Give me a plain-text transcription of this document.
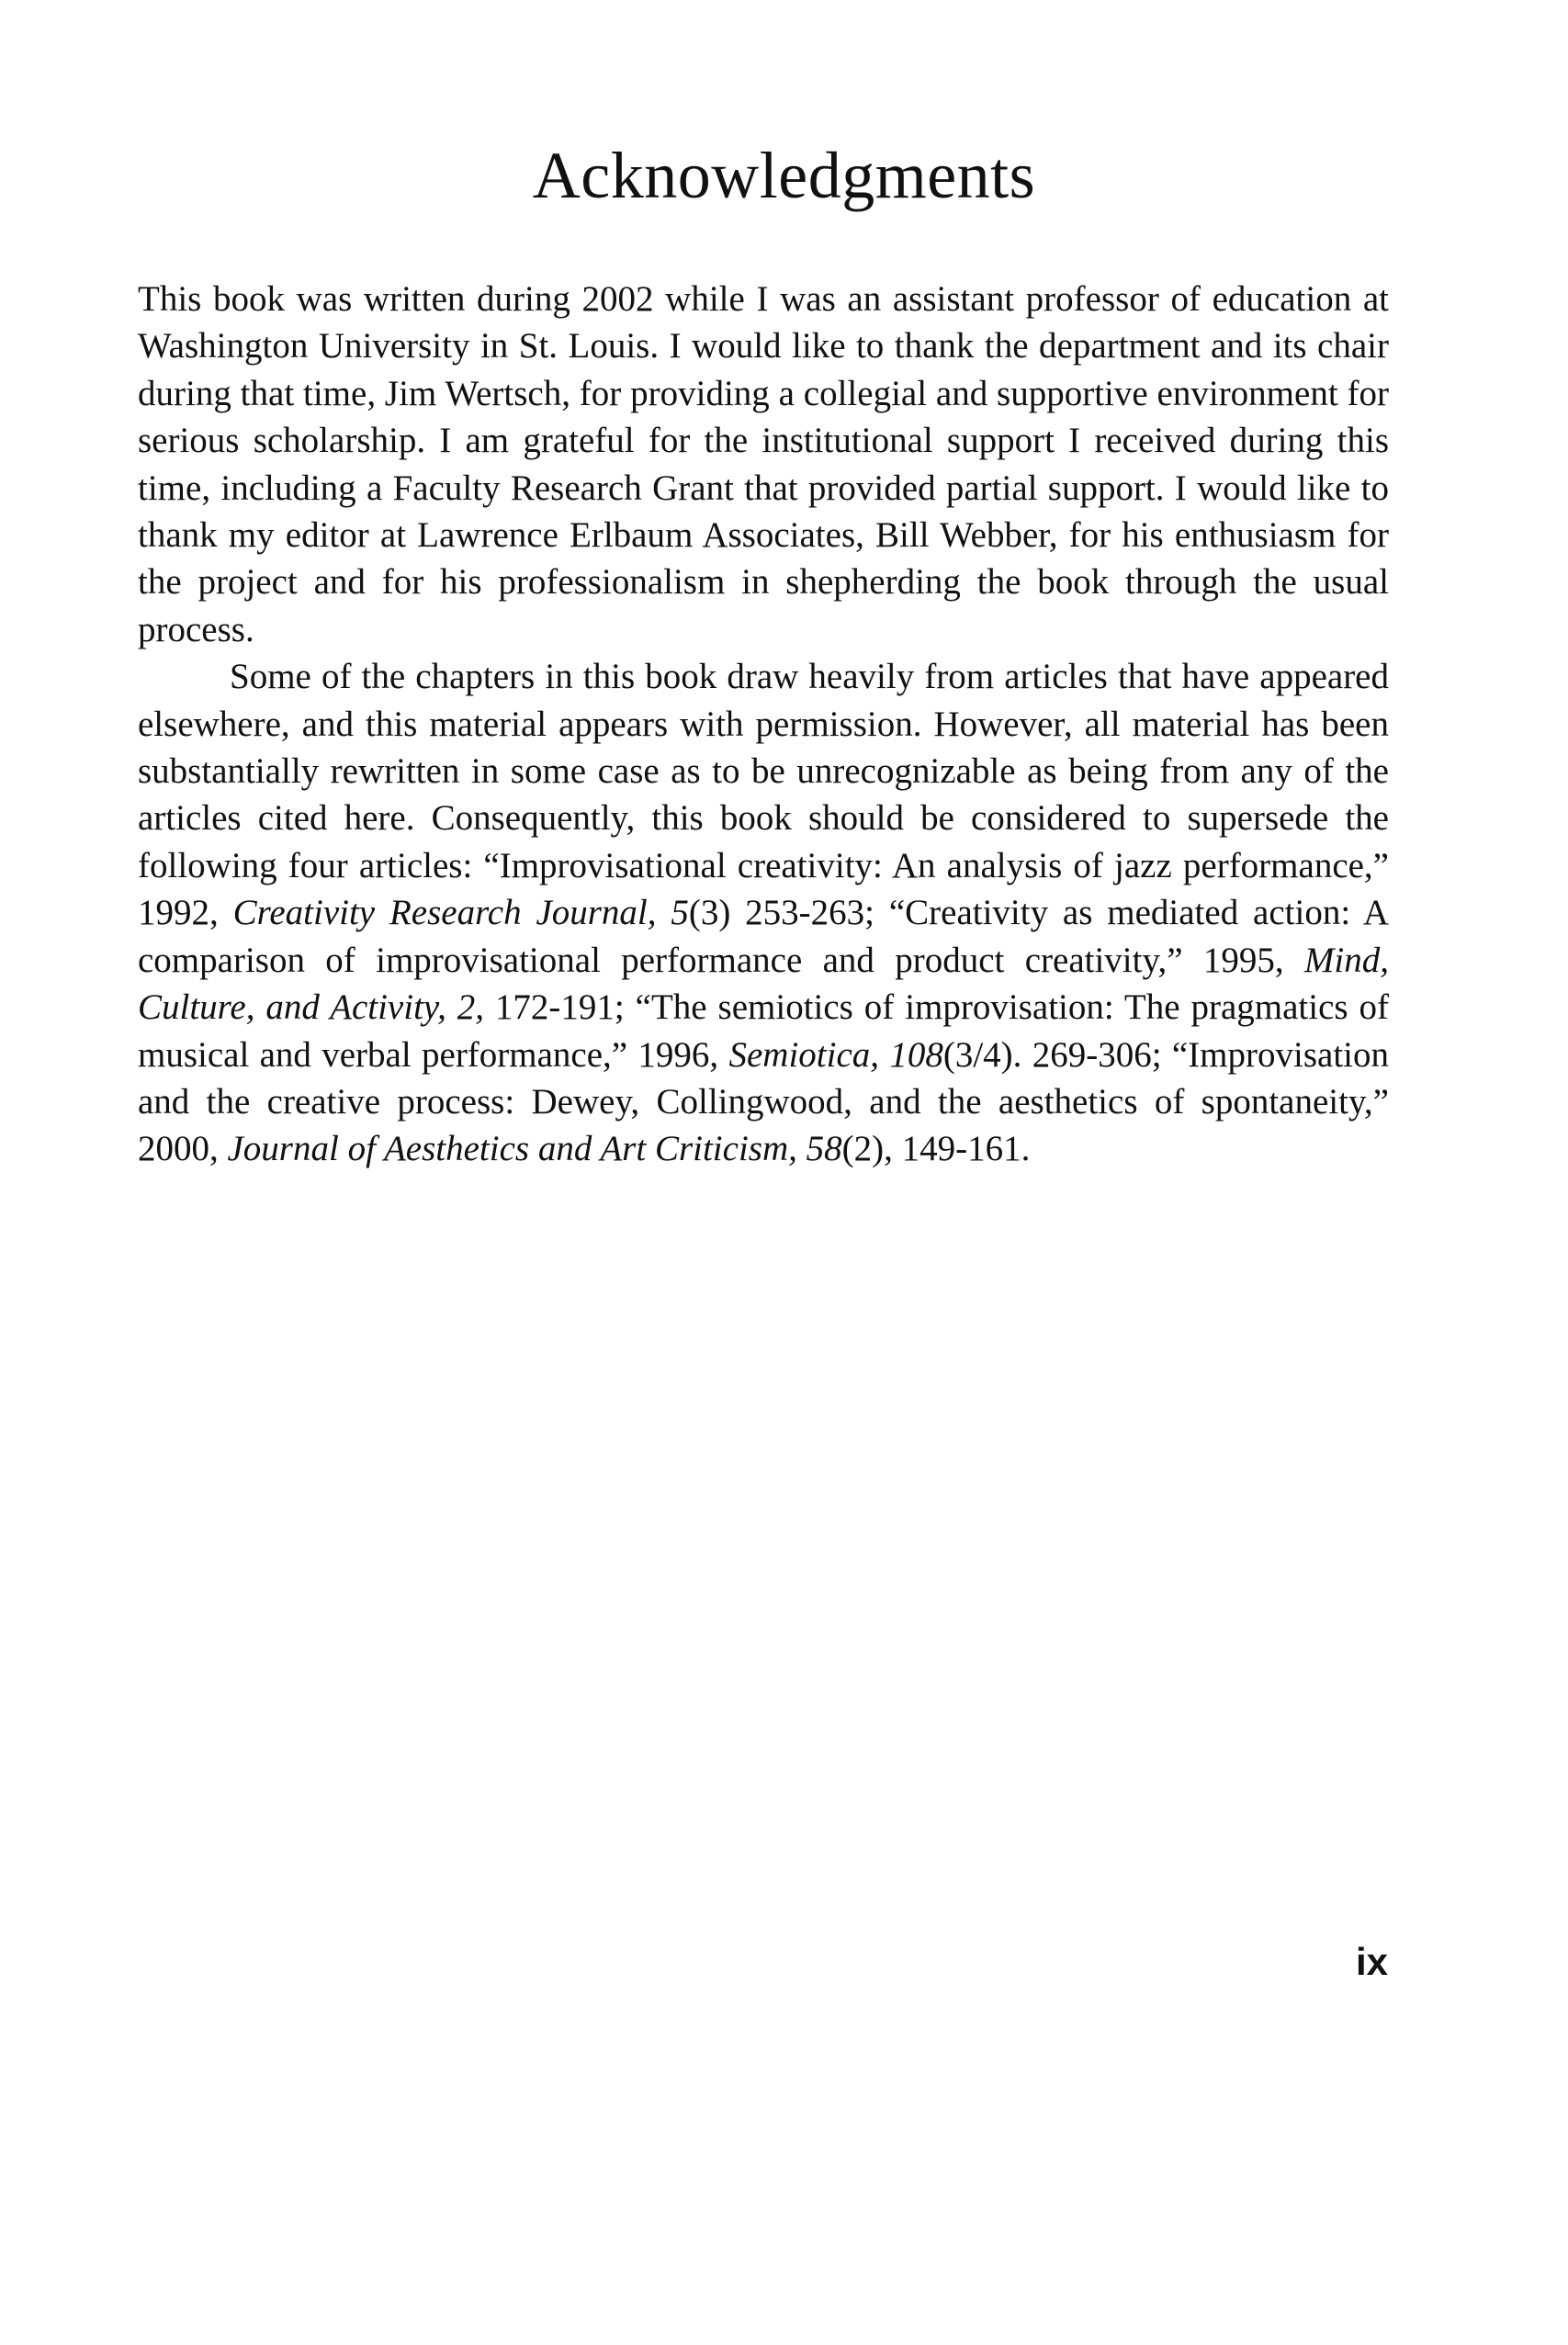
Acknowledgments

This book was written during 2002 while I was an assistant professor of education at Washington University in St. Louis. I would like to thank the department and its chair during that time, Jim Wertsch, for providing a collegial and supportive environment for serious scholarship. I am grateful for the institutional support I received during this time, including a Faculty Research Grant that provided partial support. I would like to thank my editor at Lawrence Erlbaum Associates, Bill Webber, for his enthusiasm for the project and for his professionalism in shepherding the book through the usual process.

Some of the chapters in this book draw heavily from articles that have appeared elsewhere, and this material appears with permission. However, all material has been substantially rewritten in some case as to be unrecognizable as being from any of the articles cited here. Consequently, this book should be considered to supersede the following four articles: “Improvisational creativity: An analysis of jazz performance,” 1992, Creativity Research Journal, 5(3) 253-263; “Creativity as mediated action: A comparison of improvisational performance and product creativity,” 1995, Mind, Culture, and Activity, 2, 172-191; “The semiotics of improvisation: The pragmatics of musical and verbal performance,” 1996, Semiotica, 108(3/4). 269-306; “Improvisation and the creative process: Dewey, Collingwood, and the aesthetics of spontaneity,” 2000, Journal of Aesthetics and Art Criticism, 58(2), 149-161.

ix
